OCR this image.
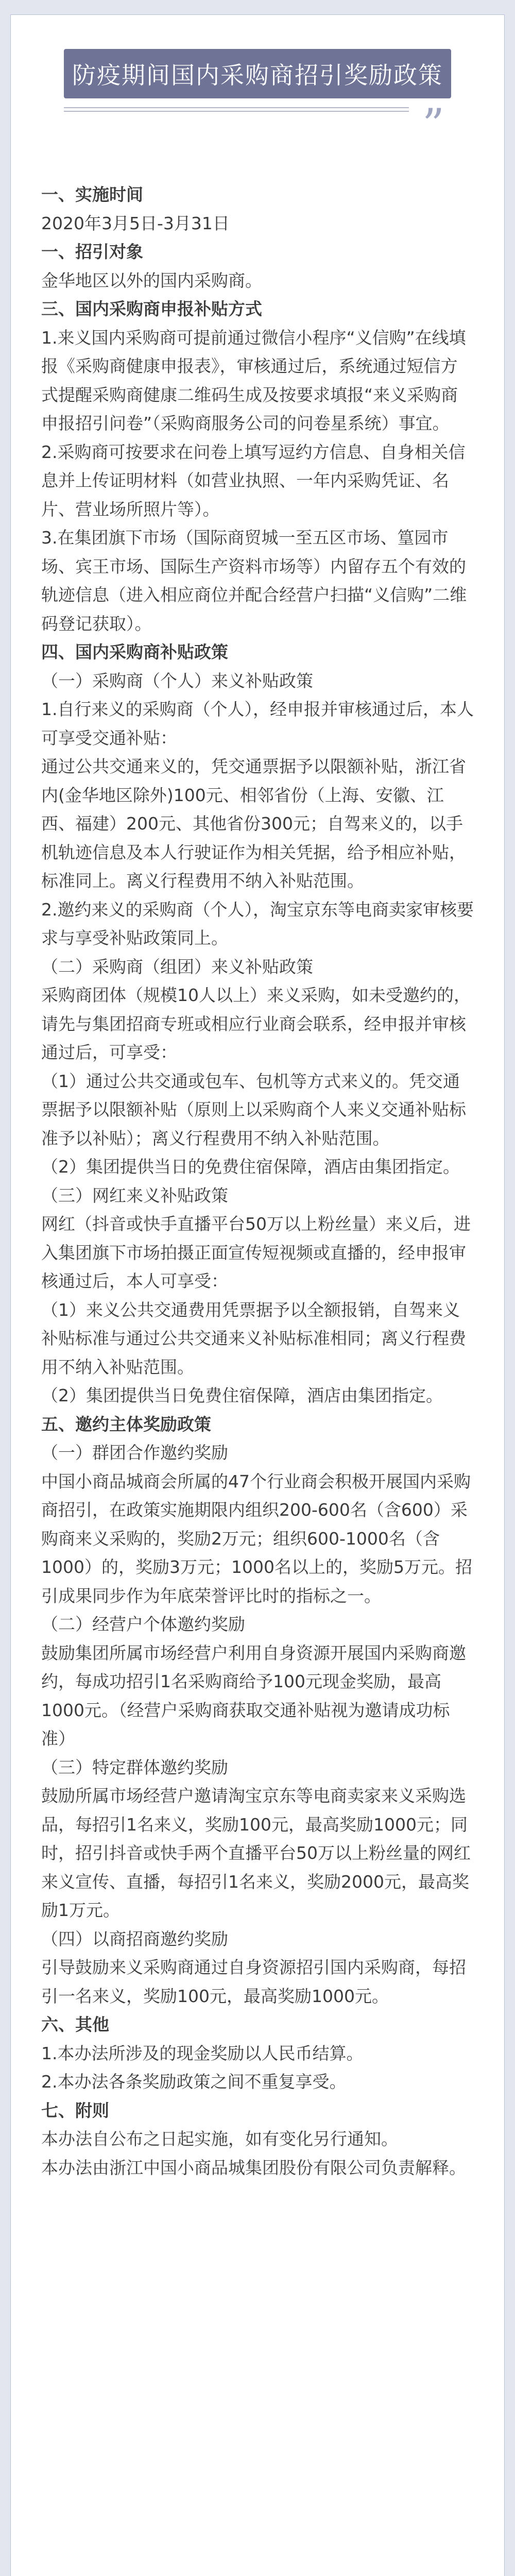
防疫期间国内采购商招引奖励政策
”

一、实施时间

2020年3月5日-3月31日

一、招引对象

金华地区以外的国内采购商。

三、国内采购商申报补贴方式

1.来义国内采购商可提前通过微信小程序“义信购”在线填报《采购商健康申报表》，审核通过后，系统通过短信方式提醒采购商健康二维码生成及按要求填报“来义采购商申报招引问卷”（采购商服务公司的问卷星系统）事宜。

2.采购商可按要求在问卷上填写逗约方信息、自身相关信息并上传证明材料（如营业执照、一年内采购凭证、名片、营业场所照片等）。

3.在集团旗下市场（国际商贸城一至五区市场、篁园市场、宾王市场、国际生产资料市场等）内留存五个有效的轨迹信息（进入相应商位并配合经营户扫描“义信购”二维码登记获取）。

四、国内采购商补贴政策

（一）采购商（个人）来义补贴政策

1.自行来义的采购商（个人），经申报并审核通过后，本人可享受交通补贴：

通过公共交通来义的，凭交通票据予以限额补贴，浙江省内(金华地区除外)100元、相邻省份（上海、安徽、江西、福建）200元、其他省份300元；自驾来义的，以手机轨迹信息及本人行驶证作为相关凭据，给予相应补贴，标准同上。离义行程费用不纳入补贴范围。

2.邀约来义的采购商（个人），淘宝京东等电商卖家审核要求与享受补贴政策同上。

（二）采购商（组团）来义补贴政策

采购商团体（规模10人以上）来义采购，如未受邀约的，请先与集团招商专班或相应行业商会联系，经申报并审核通过后，可享受：

（1）通过公共交通或包车、包机等方式来义的。凭交通票据予以限额补贴（原则上以采购商个人来义交通补贴标准予以补贴）；离义行程费用不纳入补贴范围。

（2）集团提供当日的免费住宿保障，酒店由集团指定。

（三）网红来义补贴政策

网红（抖音或快手直播平台50万以上粉丝量）来义后，进入集团旗下市场拍摄正面宣传短视频或直播的，经申报审核通过后，本人可享受：

（1）来义公共交通费用凭票据予以全额报销，自驾来义补贴标准与通过公共交通来义补贴标准相同；离义行程费用不纳入补贴范围。

（2）集团提供当日免费住宿保障，酒店由集团指定。

五、邀约主体奖励政策

（一）群团合作邀约奖励

中国小商品城商会所属的47个行业商会积极开展国内采购商招引，在政策实施期限内组织200-600名（含600）采购商来义采购的，奖励2万元；组织600-1000名（含1000）的，奖励3万元；1000名以上的，奖励5万元。招引成果同步作为年底荣誉评比时的指标之一。

（二）经营户个体邀约奖励

鼓励集团所属市场经营户利用自身资源开展国内采购商邀约，每成功招引1名采购商给予100元现金奖励，最高1000元。（经营户采购商获取交通补贴视为邀请成功标准）

（三）特定群体邀约奖励

鼓励所属市场经营户邀请淘宝京东等电商卖家来义采购选品，每招引1名来义，奖励100元，最高奖励1000元；同时，招引抖音或快手两个直播平台50万以上粉丝量的网红来义宣传、直播，每招引1名来义，奖励2000元，最高奖励1万元。

（四）以商招商邀约奖励

引导鼓励来义采购商通过自身资源招引国内采购商，每招引一名来义，奖励100元，最高奖励1000元。

六、其他

1.本办法所涉及的现金奖励以人民币结算。

2.本办法各条奖励政策之间不重复享受。

七、附则

本办法自公布之日起实施，如有变化另行通知。

本办法由浙江中国小商品城集团股份有限公司负责解释。
